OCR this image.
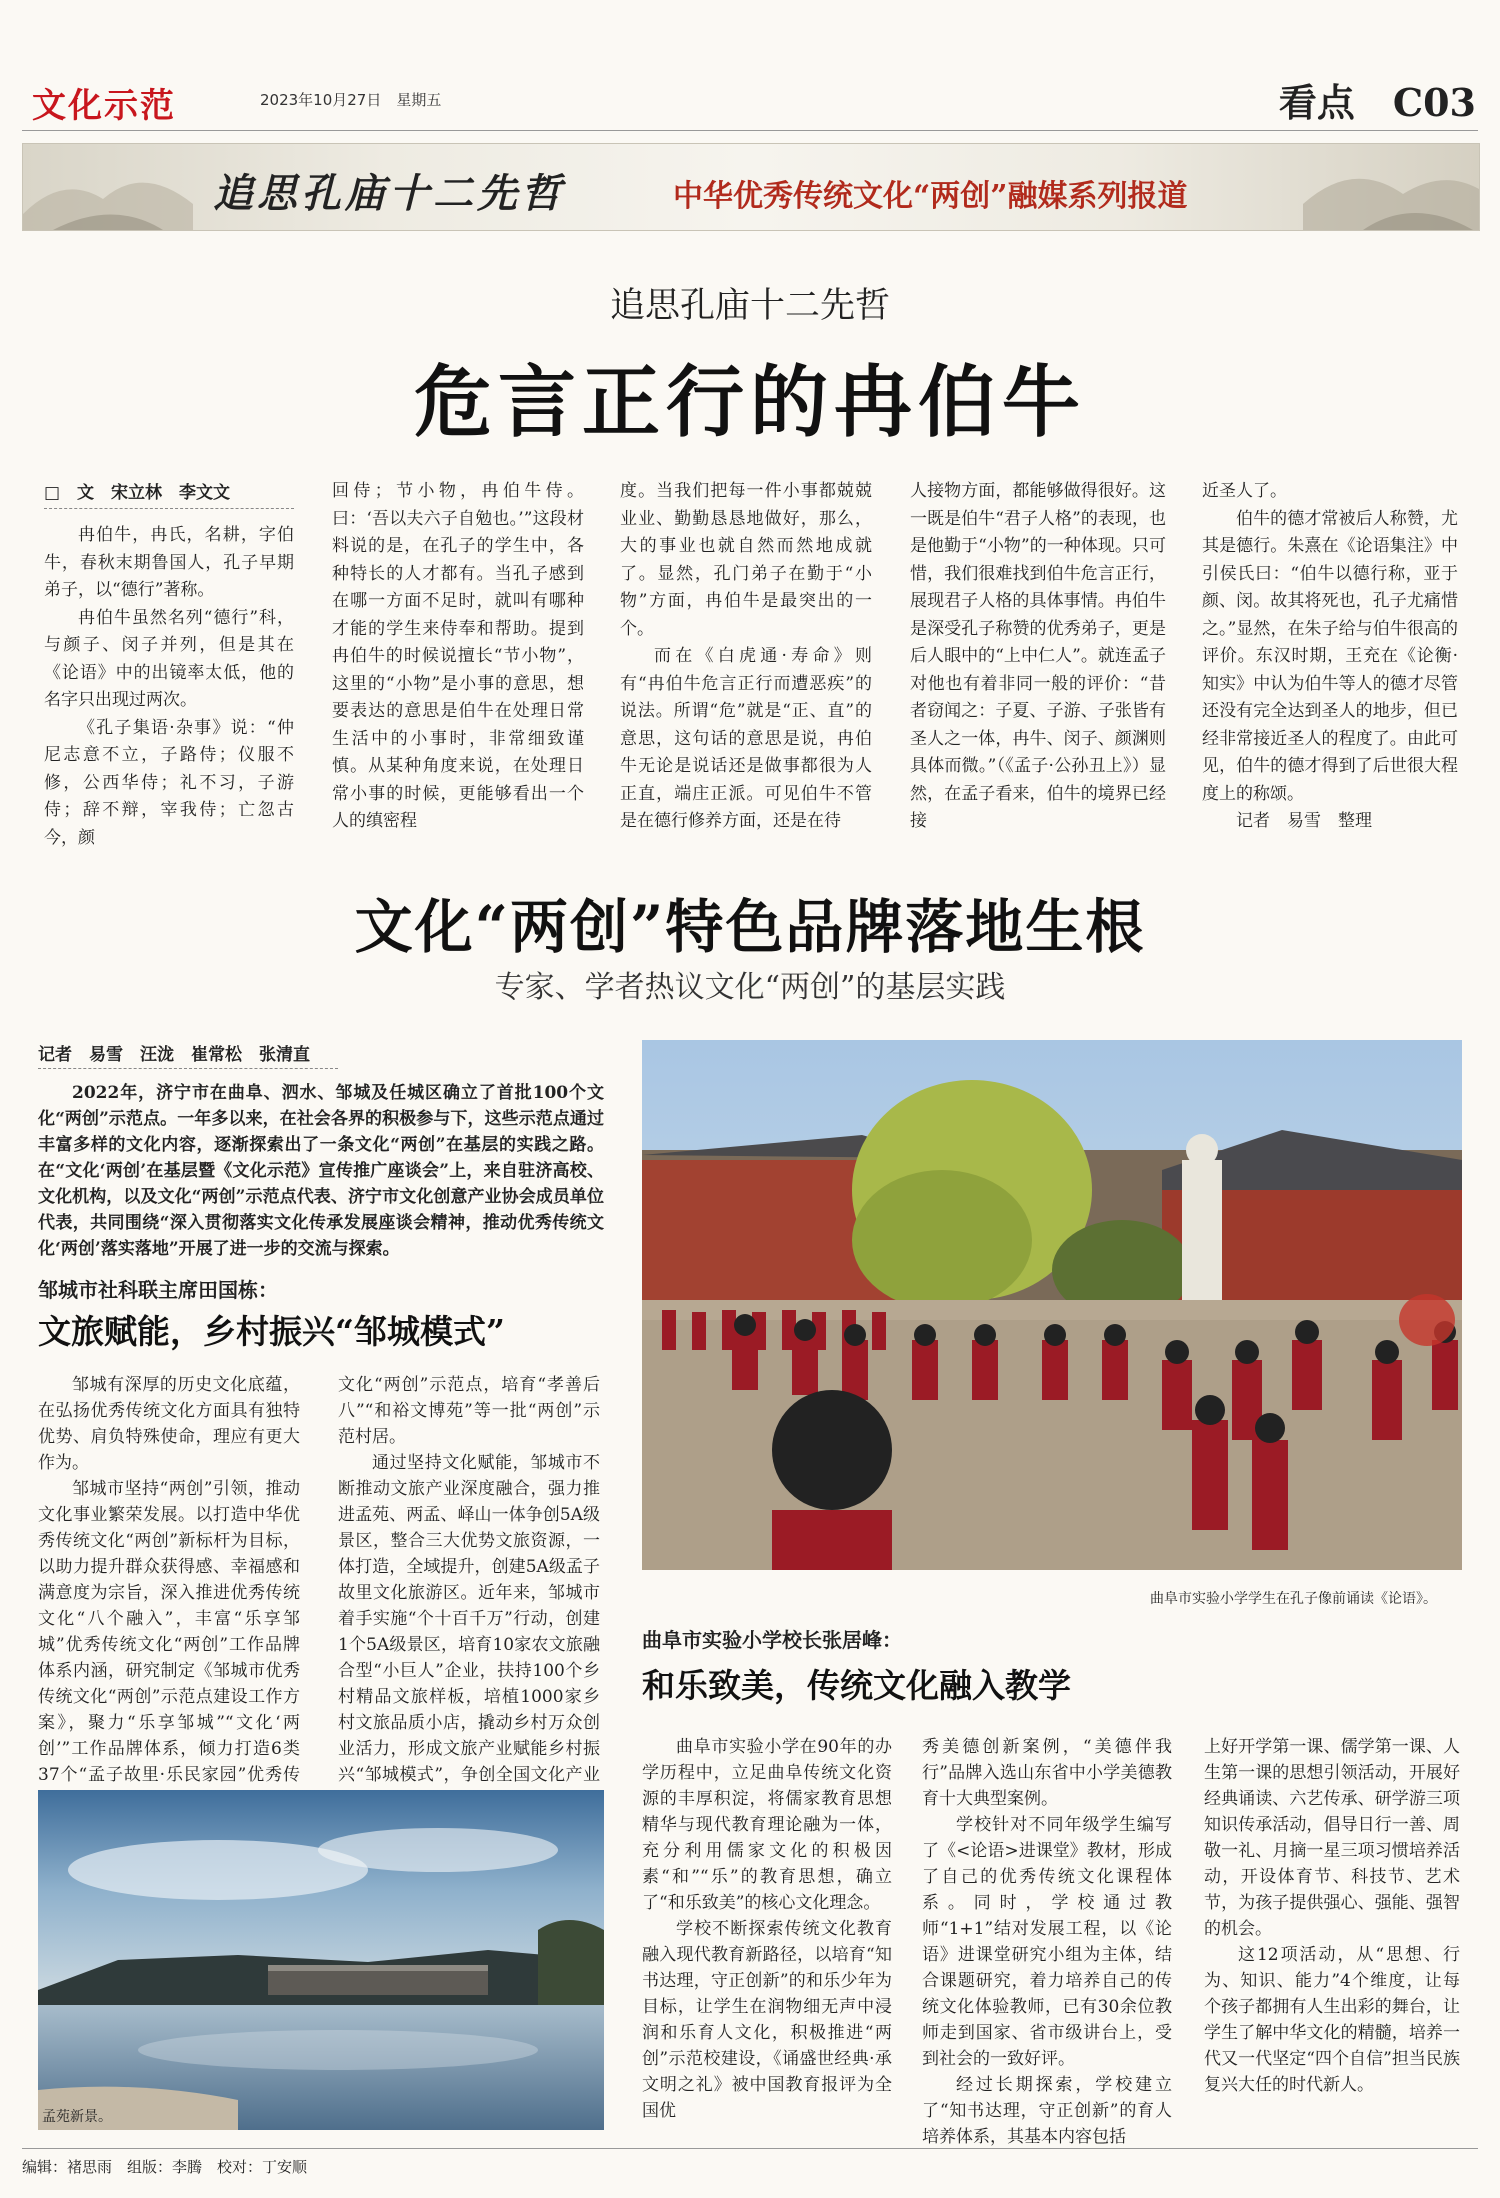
文化示范	2023年10月27日　星期五	看点　C03
追思孔庙十二先哲	中华优秀传统文化“两创”融媒系列报道
追思孔庙十二先哲
危言正行的冉伯牛
□　文　宋立林　李文文

冉伯牛，冉氏，名耕，字伯牛，春秋末期鲁国人，孔子早期弟子，以“德行”著称。

冉伯牛虽然名列“德行”科，与颜子、闵子并列，但是其在《论语》中的出镜率太低，他的名字只出现过两次。

《孔子集语·杂事》说：“仲尼志意不立，子路侍；仪服不修，公西华侍；礼不习，子游侍；辞不辩，宰我侍；亡忽古今，颜

回侍；节小物，冉伯牛侍。曰：‘吾以夫六子自勉也。’”这段材料说的是，在孔子的学生中，各种特长的人才都有。当孔子感到在哪一方面不足时，就叫有哪种才能的学生来侍奉和帮助。提到冉伯牛的时候说擅长“节小物”，这里的“小物”是小事的意思，想要表达的意思是伯牛在处理日常生活中的小事时，非常细致谨慎。从某种角度来说，在处理日常小事的时候，更能够看出一个人的缜密程

度。当我们把每一件小事都兢兢业业、勤勤恳恳地做好，那么，大的事业也就自然而然地成就了。显然，孔门弟子在勤于“小物”方面，冉伯牛是最突出的一个。

而在《白虎通·寿命》则有“冉伯牛危言正行而遭恶疾”的说法。所谓“危”就是“正、直”的意思，这句话的意思是说，冉伯牛无论是说话还是做事都很为人正直，端庄正派。可见伯牛不管是在德行修养方面，还是在待

人接物方面，都能够做得很好。这一既是伯牛“君子人格”的表现，也是他勤于“小物”的一种体现。只可惜，我们很难找到伯牛危言正行，展现君子人格的具体事情。冉伯牛是深受孔子称赞的优秀弟子，更是后人眼中的“上中仁人”。就连孟子对他也有着非同一般的评价：“昔者窃闻之：子夏、子游、子张皆有圣人之一体，冉牛、闵子、颜渊则具体而微。”（《孟子·公孙丑上》）显然，在孟子看来，伯牛的境界已经接

近圣人了。

伯牛的德才常被后人称赞，尤其是德行。朱熹在《论语集注》中引侯氏曰：“伯牛以德行称，亚于颜、闵。故其将死也，孔子尤痛惜之。”显然，在朱子给与伯牛很高的评价。东汉时期，王充在《论衡·知实》中认为伯牛等人的德才尽管还没有完全达到圣人的地步，但已经非常接近圣人的程度了。由此可见，伯牛的德才得到了后世很大程度上的称颂。

记者　易雪　整理

文化“两创”特色品牌落地生根
专家、学者热议文化“两创”的基层实践
记者　易雪　汪泷　崔常松　张清直

2022年，济宁市在曲阜、泗水、邹城及任城区确立了首批100个文化“两创”示范点。一年多以来，在社会各界的积极参与下，这些示范点通过丰富多样的文化内容，逐渐探索出了一条文化“两创”在基层的实践之路。在“文化‘两创’在基层暨《文化示范》宣传推广座谈会”上，来自驻济高校、文化机构，以及文化“两创”示范点代表、济宁市文化创意产业协会成员单位代表，共同围绕“深入贯彻落实文化传承发展座谈会精神，推动优秀传统文化‘两创’落实落地”开展了进一步的交流与探索。

曲阜市实验小学学生在孔子像前诵读《论语》。
邹城市社科联主席田国栋：
文旅赋能，乡村振兴“邹城模式”

邹城有深厚的历史文化底蕴，在弘扬优秀传统文化方面具有独特优势、肩负特殊使命，理应有更大作为。

邹城市坚持“两创”引领，推动文化事业繁荣发展。以打造中华优秀传统文化“两创”新标杆为目标，以助力提升群众获得感、幸福感和满意度为宗旨，深入推进优秀传统文化“八个融入”，丰富“乐享邹城”优秀传统文化“两创”工作品牌体系内涵，研究制定《邹城市优秀传统文化“两创”示范点建设工作方案》，聚力“乐享邹城”“文化‘两创’”工作品牌体系，倾力打造6类37个“孟子故里·乐民家园”优秀传

文化“两创”示范点，培育“孝善后八”“和裕文博苑”等一批“两创”示范村居。

通过坚持文化赋能，邹城市不断推动文旅产业深度融合，强力推进孟苑、两孟、峄山一体争创5A级景区，整合三大优势文旅资源，一体打造，全域提升，创建5A级孟子故里文化旅游区。近年来，邹城市着手实施“个十百千万”行动，创建1个5A级景区，培育10家农文旅融合型“小巨人”企业，扶持100个乡村精品文旅样板，培植1000家乡村文旅品质小店，撬动乡村万众创业活力，形成文旅产业赋能乡村振兴“邹城模式”，争创全国文化产业

孟苑新景。
曲阜市实验小学校长张居峰：
和乐致美，传统文化融入教学

曲阜市实验小学在90年的办学历程中，立足曲阜传统文化资源的丰厚积淀，将儒家教育思想精华与现代教育理论融为一体，充分利用儒家文化的积极因素“和”“乐”的教育思想，确立了“和乐致美”的核心文化理念。

学校不断探索传统文化教育融入现代教育新路径，以培育“知书达理，守正创新”的和乐少年为目标，让学生在润物细无声中浸润和乐育人文化，积极推进“两创”示范校建设，《诵盛世经典·承文明之礼》被中国教育报评为全国优

秀美德创新案例，“美德伴我行”品牌入选山东省中小学美德教育十大典型案例。

学校针对不同年级学生编写了《<论语>进课堂》教材，形成了自己的优秀传统文化课程体系。同时，学校通过教师“1+1”结对发展工程，以《论语》进课堂研究小组为主体，结合课题研究，着力培养自己的传统文化体验教师，已有30余位教师走到国家、省市级讲台上，受到社会的一致好评。

经过长期探索，学校建立了“知书达理，守正创新”的育人培养体系，其基本内容包括

上好开学第一课、儒学第一课、人生第一课的思想引领活动，开展好经典诵读、六艺传承、研学游三项知识传承活动，倡导日行一善、周敬一礼、月摘一星三项习惯培养活动，开设体育节、科技节、艺术节，为孩子提供强心、强能、强智的机会。

这12项活动，从“思想、行为、知识、能力”4个维度，让每个孩子都拥有人生出彩的舞台，让学生了解中华文化的精髓，培养一代又一代坚定“四个自信”担当民族复兴大任的时代新人。

编辑：褚思雨　组版：李腾　校对：丁安顺
